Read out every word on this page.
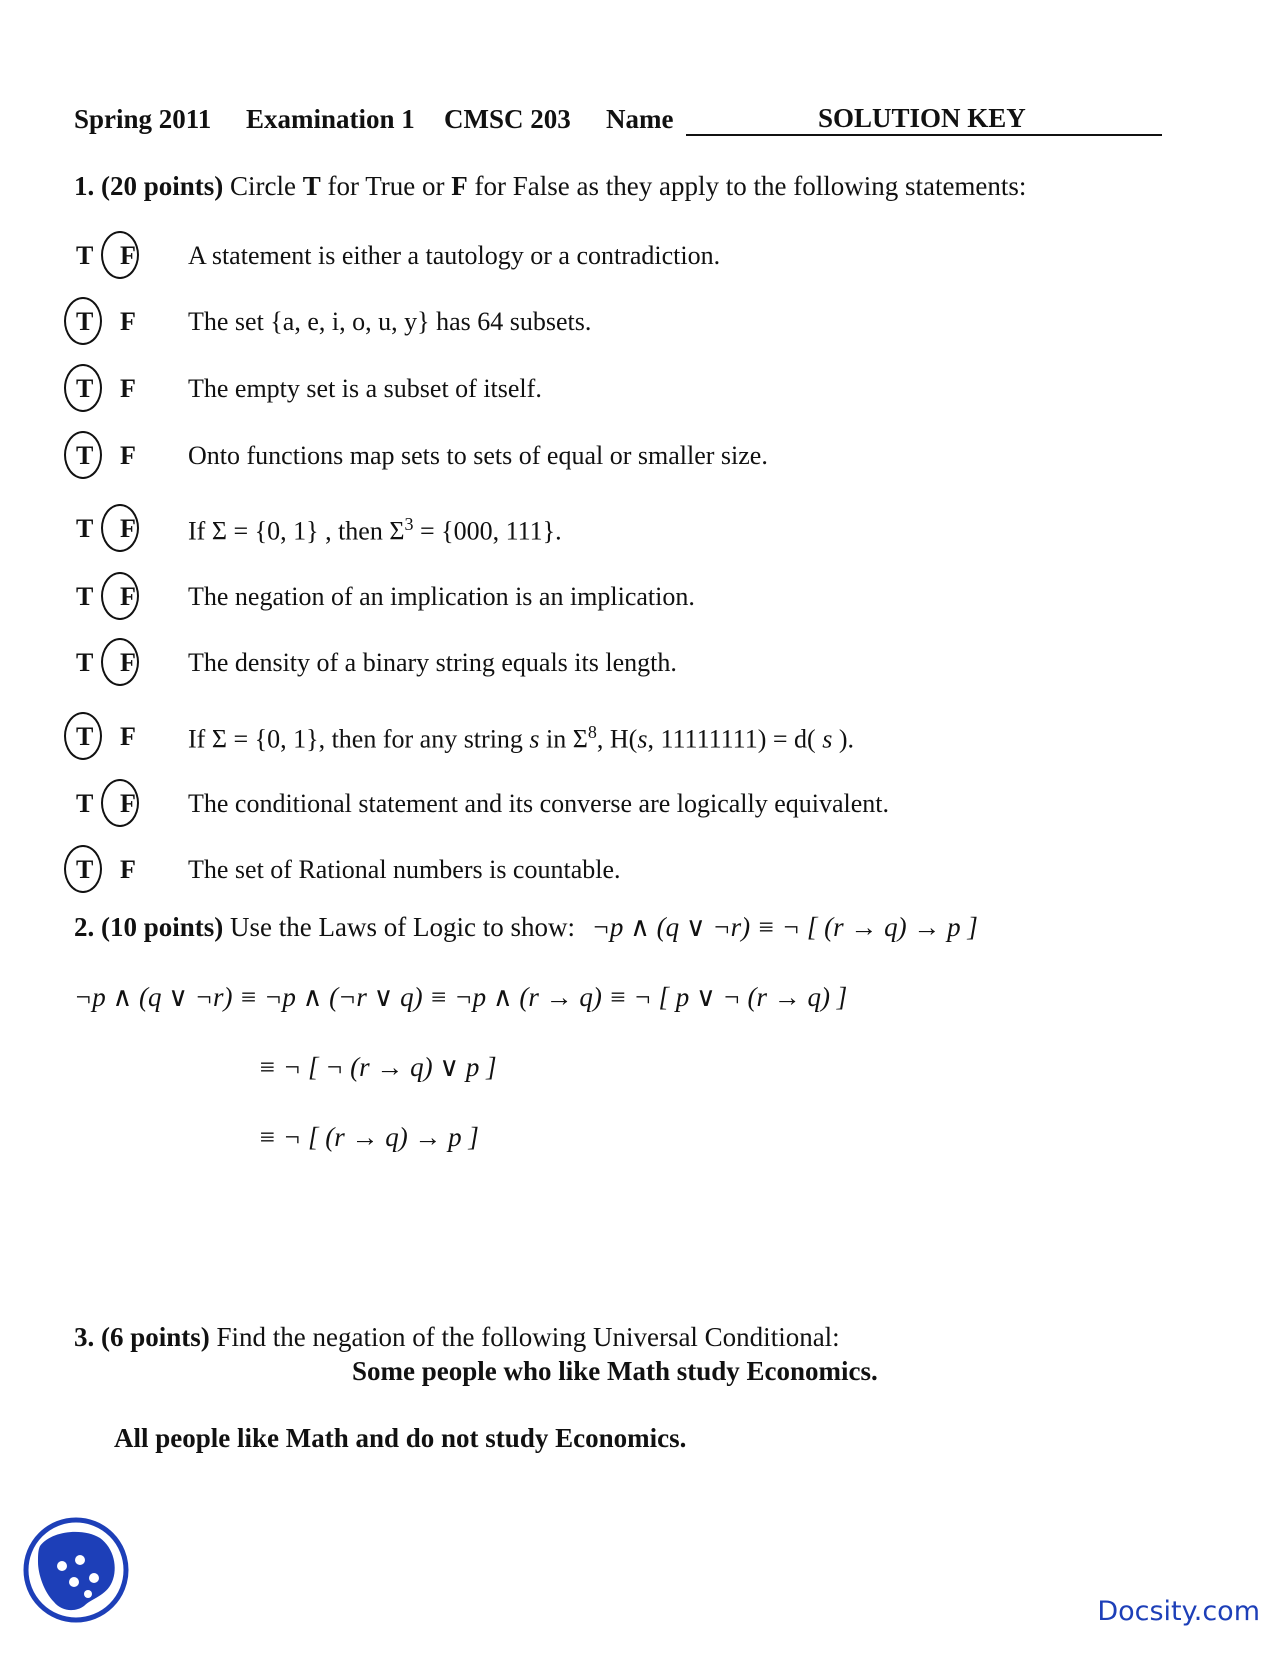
Spring 2011 Examination 1 CMSC 203 Name	SOLUTION KEY
1. (20 points) Circle T for True or F for False as they apply to the following statements:
T F A statement is either a tautology or a contradiction.
T F The set {a, e, i, o, u, y} has 64 subsets.
T F The empty set is a subset of itself.
T F Onto functions map sets to sets of equal or smaller size.
T F If Σ = {0, 1} , then $\Sigma^3 = \{000$, 111}.
T F The negation of an implication is an implication.
T F The density of a binary string equals its length.
T F If Σ = {0, 1}, then for any string s in $\Sigma^8$, H(s, 11111111) = d( s ).
T F The conditional statement and its converse are logically equivalent.
T F The set of Rational numbers is countable.
2. (10 points) Use the Laws of Logic to show: ¬p ∧ (q ∨ ¬r) ≡ ¬ [ (r → q) → p ]
¬p ∧ (q ∨ ¬r) ≡ ¬p ∧ (¬r ∨ q) ≡ ¬p ∧ (r → q) ≡ ¬ [ p ∨ ¬ (r → q) ]
≡ ¬ [ ¬ (r → q) ∨ p ]
≡ ¬ [ (r → q) → p ]
3. (6 points) Find the negation of the following Universal Conditional:
Some people who like Math study Economics.
All people like Math and do not study Economics.
Docsity.com
